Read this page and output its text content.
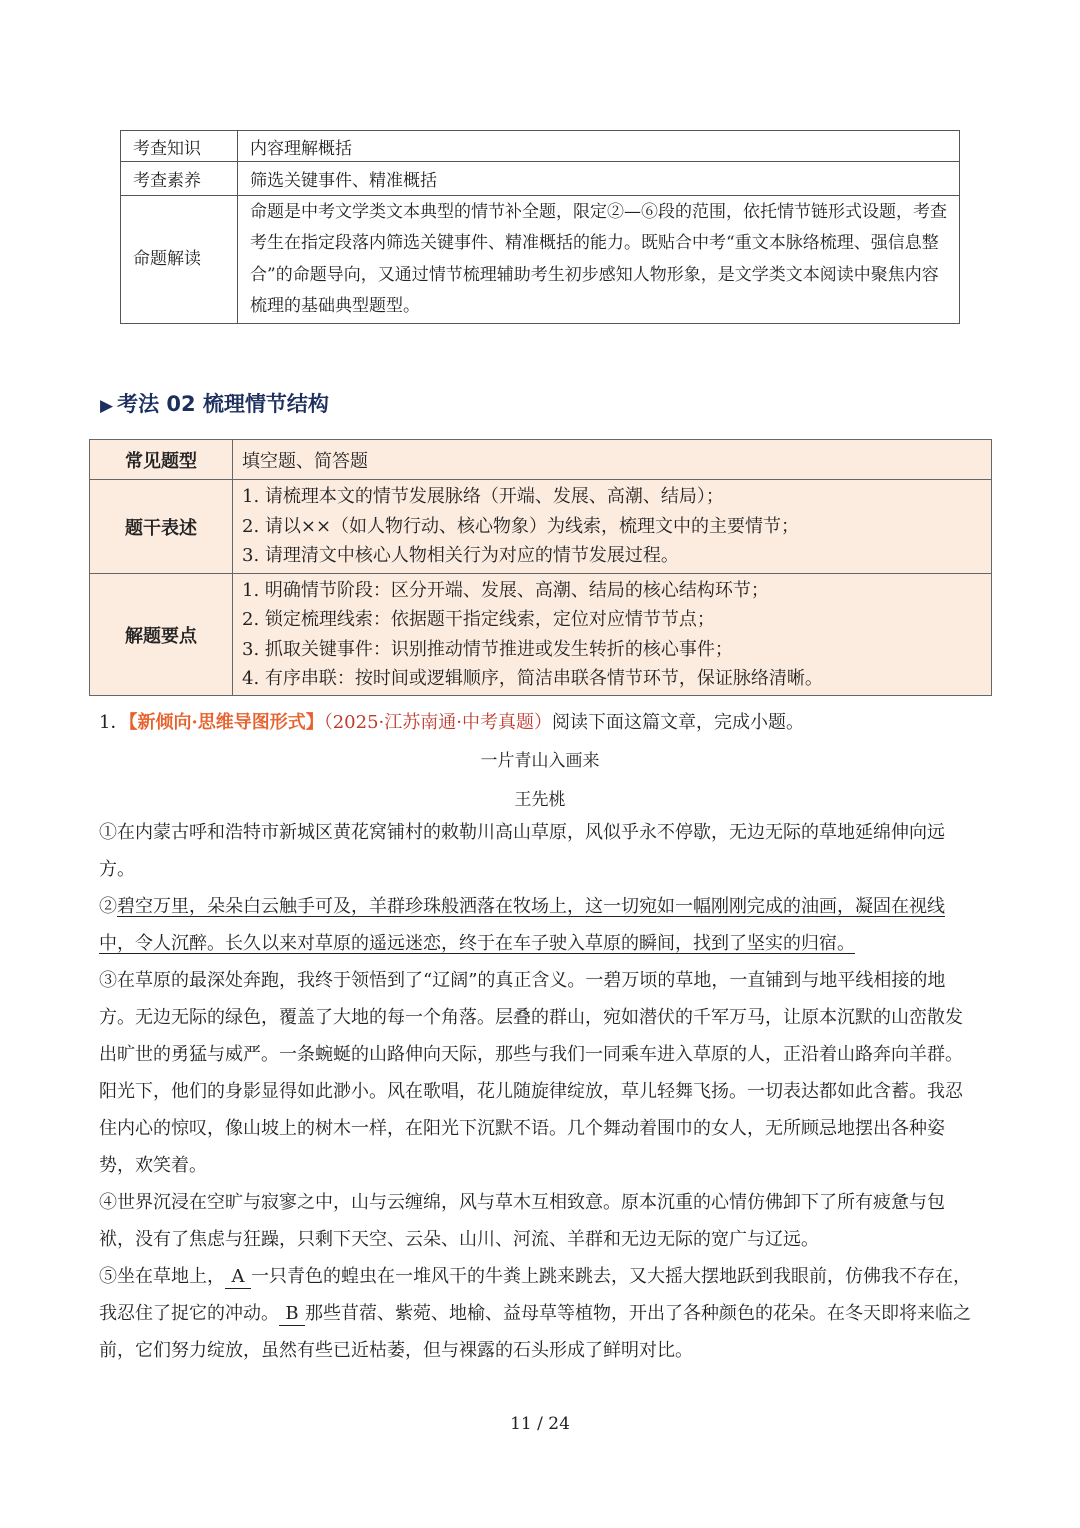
考查知识	内容理解概括
考查素养	筛选关键事件、精准概括
命题解读	命题是中考文学类文本典型的情节补全题，限定②—⑥段的范围，依托情节链形式设题，考查考生在指定段落内筛选关键事件、精准概括的能力。既贴合中考“重文本脉络梳理、强信息整合”的命题导向，又通过情节梳理辅助考生初步感知人物形象，是文学类文本阅读中聚焦内容梳理的基础典型题型。
▶ 考法 02 梳理情节结构
常见题型	填空题、简答题
题干表述	1. 请梳理本文的情节发展脉络（开端、发展、高潮、结局）；
2. 请以××（如人物行动、核心物象）为线索，梳理文中的主要情节；
3. 请理清文中核心人物相关行为对应的情节发展过程。

解题要点	1. 明确情节阶段：区分开端、发展、高潮、结局的核心结构环节；
2. 锁定梳理线索：依据题干指定线索，定位对应情节节点；
3. 抓取关键事件：识别推动情节推进或发生转折的核心事件；
4. 有序串联：按时间或逻辑顺序，简洁串联各情节环节，保证脉络清晰。
1．【新倾向·思维导图形式】（2025·江苏南通·中考真题）阅读下面这篇文章，完成小题。
一片青山入画来
王先桃
①在内蒙古呼和浩特市新城区黄花窝铺村的敕勒川高山草原，风似乎永不停歇，无边无际的草地延绵伸向远方。
②碧空万里，朵朵白云触手可及，羊群珍珠般洒落在牧场上，这一切宛如一幅刚刚完成的油画，凝固在视线中，令人沉醉。长久以来对草原的遥远迷恋，终于在车子驶入草原的瞬间，找到了坚实的归宿。
③在草原的最深处奔跑，我终于领悟到了“辽阔”的真正含义。一碧万顷的草地，一直铺到与地平线相接的地方。无边无际的绿色，覆盖了大地的每一个角落。层叠的群山，宛如潜伏的千军万马，让原本沉默的山峦散发出旷世的勇猛与威严。一条蜿蜒的山路伸向天际，那些与我们一同乘车进入草原的人，正沿着山路奔向羊群。阳光下，他们的身影显得如此渺小。风在歌唱，花儿随旋律绽放，草儿轻舞飞扬。一切表达都如此含蓄。我忍住内心的惊叹，像山坡上的树木一样，在阳光下沉默不语。几个舞动着围巾的女人，无所顾忌地摆出各种姿势，欢笑着。
④世界沉浸在空旷与寂寥之中，山与云缠绵，风与草木互相致意。原本沉重的心情仿佛卸下了所有疲惫与包袱，没有了焦虑与狂躁，只剩下天空、云朵、山川、河流、羊群和无边无际的宽广与辽远。
⑤坐在草地上， A 一只青色的蝗虫在一堆风干的牛粪上跳来跳去，又大摇大摆地跃到我眼前，仿佛我不存在，我忍住了捉它的冲动。 B 那些苜蓿、紫菀、地榆、益母草等植物，开出了各种颜色的花朵。在冬天即将来临之前，它们努力绽放，虽然有些已近枯萎，但与裸露的石头形成了鲜明对比。
11 / 24
